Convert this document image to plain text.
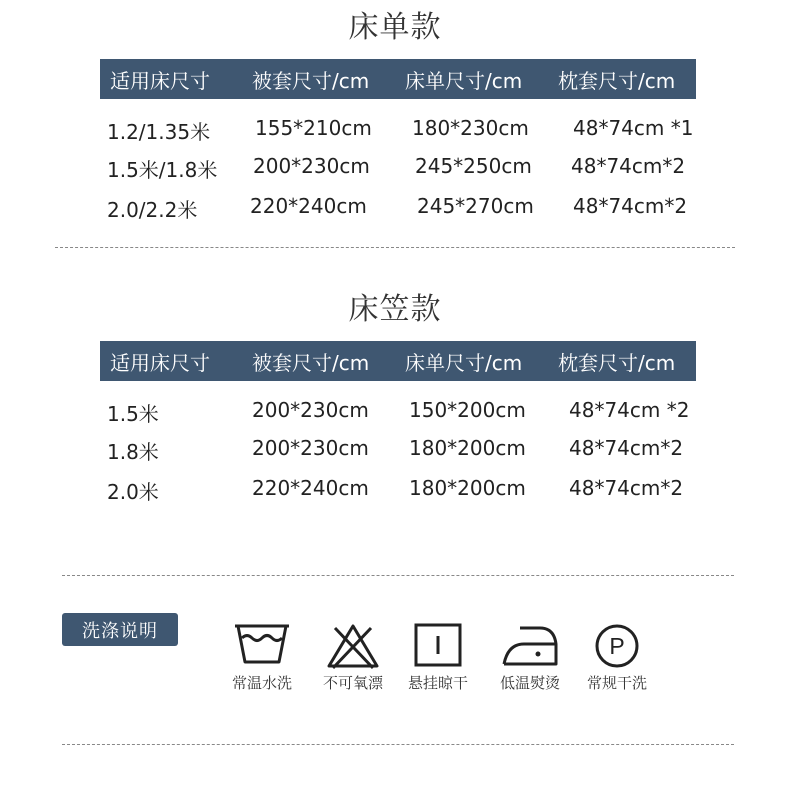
床单款
适用床尺寸 被套尺寸/cm 床单尺寸/cm 枕套尺寸/cm
1.2/1.35米 155*210cm 180*230cm 48*74cm *1
1.5米/1.8米 200*230cm 245*250cm 48*74cm*2
2.0/2.2米	220*240cm	245*270cm 48*74cm*2
床笠款
适用床尺寸 被套尺寸/cm 床单尺寸/cm 枕套尺寸/cm
1.5米	200*230cm 150*200cm 48*74cm *2
1.8米	200*230cm 180*200cm 48*74cm*2
2.0米	220*240cm 180*200cm 48*74cm*2
洗涤说明
常温水洗	不可氧漂	悬挂晾干	低温熨烫
P
常规干洗
